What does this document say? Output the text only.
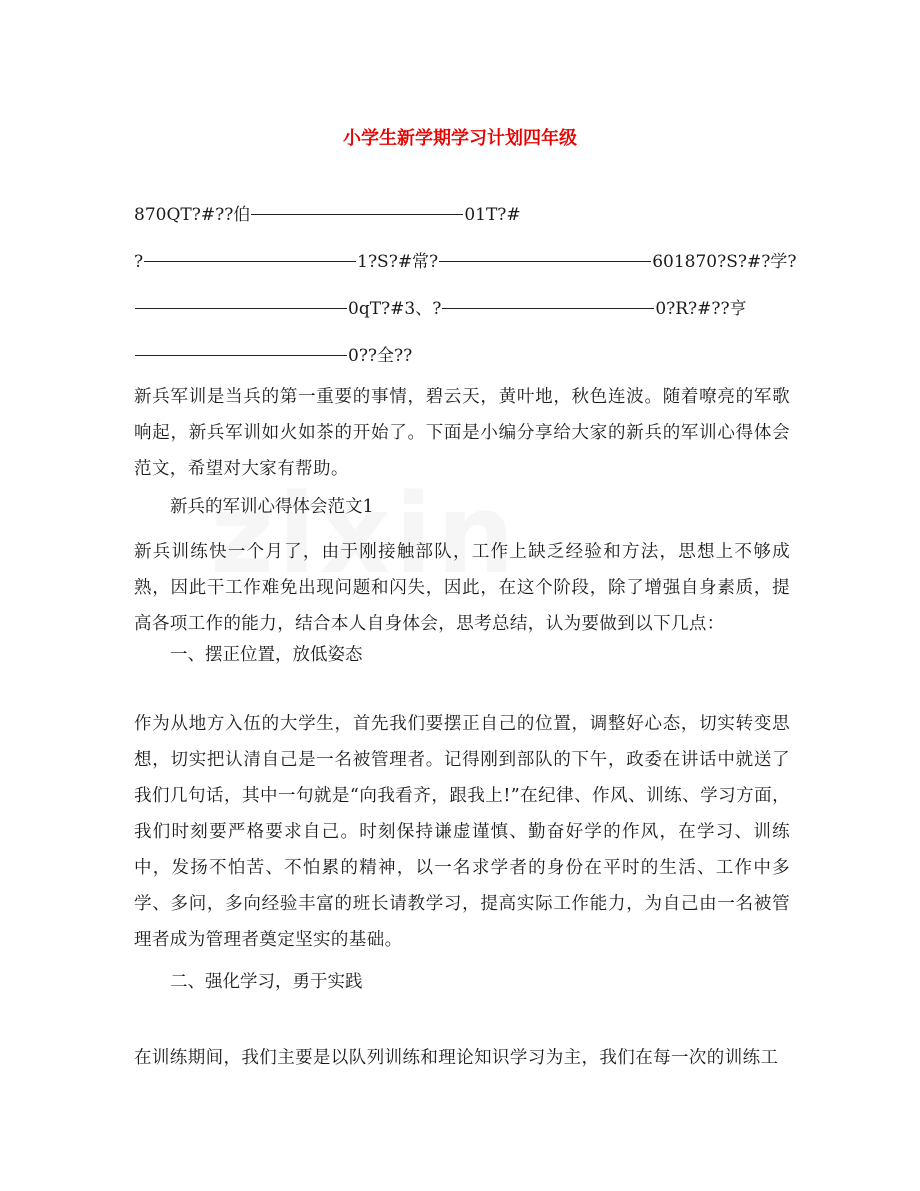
小学生新学期学习计划四年级
870QT?#??伯	01T?#
?	1?S?#常?	601870?S?#?学?
0qT?#3、?	0?R?#??亨
0??全??
新兵军训是当兵的第一重要的事情，碧云天，黄叶地，秋色连波。随着嘹亮的军歌响起，新兵军训如火如茶的开始了。下面是小编分享给大家的新兵的军训心得体会范文，希望对大家有帮助。
新兵的军训心得体会范文1
新兵训练快一个月了，由于刚接触部队，工作上缺乏经验和方法，思想上不够成熟，因此干工作难免出现问题和闪失，因此，在这个阶段，除了增强自身素质，提高各项工作的能力，结合本人自身体会，思考总结，认为要做到以下几点：
一、摆正位置，放低姿态
作为从地方入伍的大学生，首先我们要摆正自己的位置，调整好心态，切实转变思想，切实把认清自己是一名被管理者。记得刚到部队的下午，政委在讲话中就送了我们几句话，其中一句就是“向我看齐，跟我上!”在纪律、作风、训练、学习方面，我们时刻要严格要求自己。时刻保持谦虚谨慎、勤奋好学的作风，在学习、训练中，发扬不怕苦、不怕累的精神，以一名求学者的身份在平时的生活、工作中多学、多问，多向经验丰富的班长请教学习，提高实际工作能力，为自己由一名被管理者成为管理者奠定坚实的基础。
二、强化学习，勇于实践
在训练期间，我们主要是以队列训练和理论知识学习为主，我们在每一次的训练工
